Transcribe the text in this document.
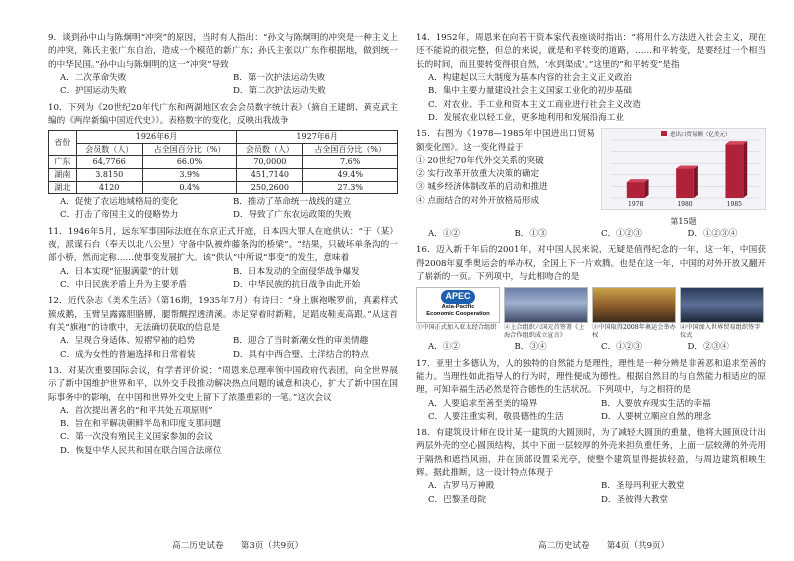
9．谈到孙中山与陈炯明“冲突”的原因，当时有人指出：“孙文与陈炯明的冲突是一种主义上的冲突，陈氏主张广东自治，造成一个模范的新广东；孙氏主张以广东作根据地，做到统一的中华民国。”孙中山与陈炯明的这一“冲突”导致
A．二次革命失败	B．第一次护法运动失败
C．护国运动失败	D．第二次护法运动失败
10．下列为《20世纪20年代广东和两湖地区农会会员数字统计表》（摘自王建朗、黄克武主编的《两岸新编中国近代史》）。表格数字的变化，反映出我战争
省份	1926年6月		1927年6月	
	会员数（人）	占全国百分比（%）	会员数（人）	占全国百分比（%）
广东	64,7766	66.0%	70,0000	7.6%
湖南	3.8150	3.9%	451,7140	49.4%
湖北	4120	0.4%	250,2600	27.3%
A．促使了农运地域格局的变化	B．推动了革命统一战线的建立
C．打击了帝国主义的侵略势力	D．导致了广东农运政策的失败
11．1946年5月，远东军事国际法庭在东京正式开庭，日本四大罪人在庭供认：“于（某）夜，派谋石台（奉天以北八公里）守备中队被炸藤条沟的桥梁”。“结果，只破坏单条沟的一部小桥，然而定称……使事变发展扩大。该“供认”中所说“事变”的发生，意味着
A．日本实现“征服满蒙”的计划	B．日本发动的全面侵华战争爆发
C．中日民族矛盾上升为主要矛盾	D．中华民族的抗日战争由此开始
12．近代杂志《美术生活》（第16期，1935年7月）有诗曰：“身上旗袍喉罗前，真素样式簇成鹅，玉臂呈露露胆胳膊，腿帮醒捏透清溪。赤足穿着时新鞋，足蹈皮鞋麦高跟。”从这首有关“旗袍”的诗歌中，无法确切获取的信息是
A．呈现合身适体、短褶窄袖的趋势	B．迎合了当时新潮女性的审美情趣
C．成为女性的普遍选择和日常着装	D．具有中西合璧、土洋结合的特点
13．对某次重要国际会议，有学者评价说：“周恩来总理率领中国政府代表团，向全世界展示了新中国维护世界和平，以外交手段推动解决热点问题的诚意和决心，扩大了新中国在国际事务中的影响，在中国和世界外交史上留下了浓墨重彩的一笔。”这次会议
A．首次提出著名的“和平共处五项原则”
B．旨在和平解决朝鲜半岛和印度支那问题
C．第一次没有殖民主义国家参加的会议
D．恢复中华人民共和国在联合国合法席位
高二历史试卷　　第3页（共9页）
14．1952年，周恩来在向若干资本家代表座谈时指出：“将用什么方法进入社会主义，现在还不能说的很完整，但总的来说，就是和平转变的道路，……和平转变，是要经过一个相当长的时间，而且要转变得很自然，‘水到渠成’。”这里的“和平转变”是指
A．构建起以三大制度为基本内容的社会主义正义政治
B．集中主要力量建设社会主义国家工业化的初步基础
C．对农业、手工业和资本主义工商业进行社会主义改造
D．发展农业以轻工业，更多地利用和发展沿海工业
15．右图为《1978—1985年中国进出口贸易额变化图》。这一变化得益于
① 20世纪70年代外交关系的突破
② 实行改革开放重大决策的确定
③ 城乡经济体制改革的启动和推进
④ 点面结合的对外开放格局形成	1978	1980	1985
进出口贸易额（亿美元）
第15题
A．①②	B．①③	C．①②③	D．①②③④
16．迈入新千年后的2001年，对中国人民来说，无疑是值得纪念的一年，这一年，中国获得2008年夏季奥运会的举办权，全国上下一片欢腾。也是在这一年，中国的对外开放又翻开了崭新的一页。下列项中，与此相吻合的是
APEC
Asia-Pacific
Economic Cooperation
①中国正式加入亚太经合组织	②上合组织六国元首签署《上海合作组织成立宣言》
③中国取得2008年奥运会举办权
④中国加入世界贸易组织签字仪式
A．①②	B．③④	C．①②③	D．②③④
17．亚里士多德认为，人的独特的自然能力是理性，理性是一种分辨是非善恶和追求至善的能力。当理性如此指导人的行为时，理性便成为德性。根据自然目的与自然能力相适应的原理，可知幸福生活必然是符合德性的生活状况。下列项中，与之相符的是
A．人要追求至善至美的境界	B．人要放弃现实生活的幸福
C．人要注重实利，敬畏德性的生活	D．人要树立顺应自然的理念
18．有建筑设计师在设计某一建筑的大圆顶时，为了减轻大圆顶的重量，他将大圆顶设计出两层外壳的空心圆顶结构，其中下面一层较厚的外壳来担负重任务，上面一层较薄的外壳用于隔热和遮挡风雨，并在顶部设置采光亭，使整个建筑显得挺拔轻盈，与周边建筑相映生辉。据此推断，这一设计特点体现于
A．古罗马万神殿	B．圣母玛利亚大教堂
C．巴黎圣母院	D．圣彼得大教堂
高二历史试卷　　第4页（共9页）
